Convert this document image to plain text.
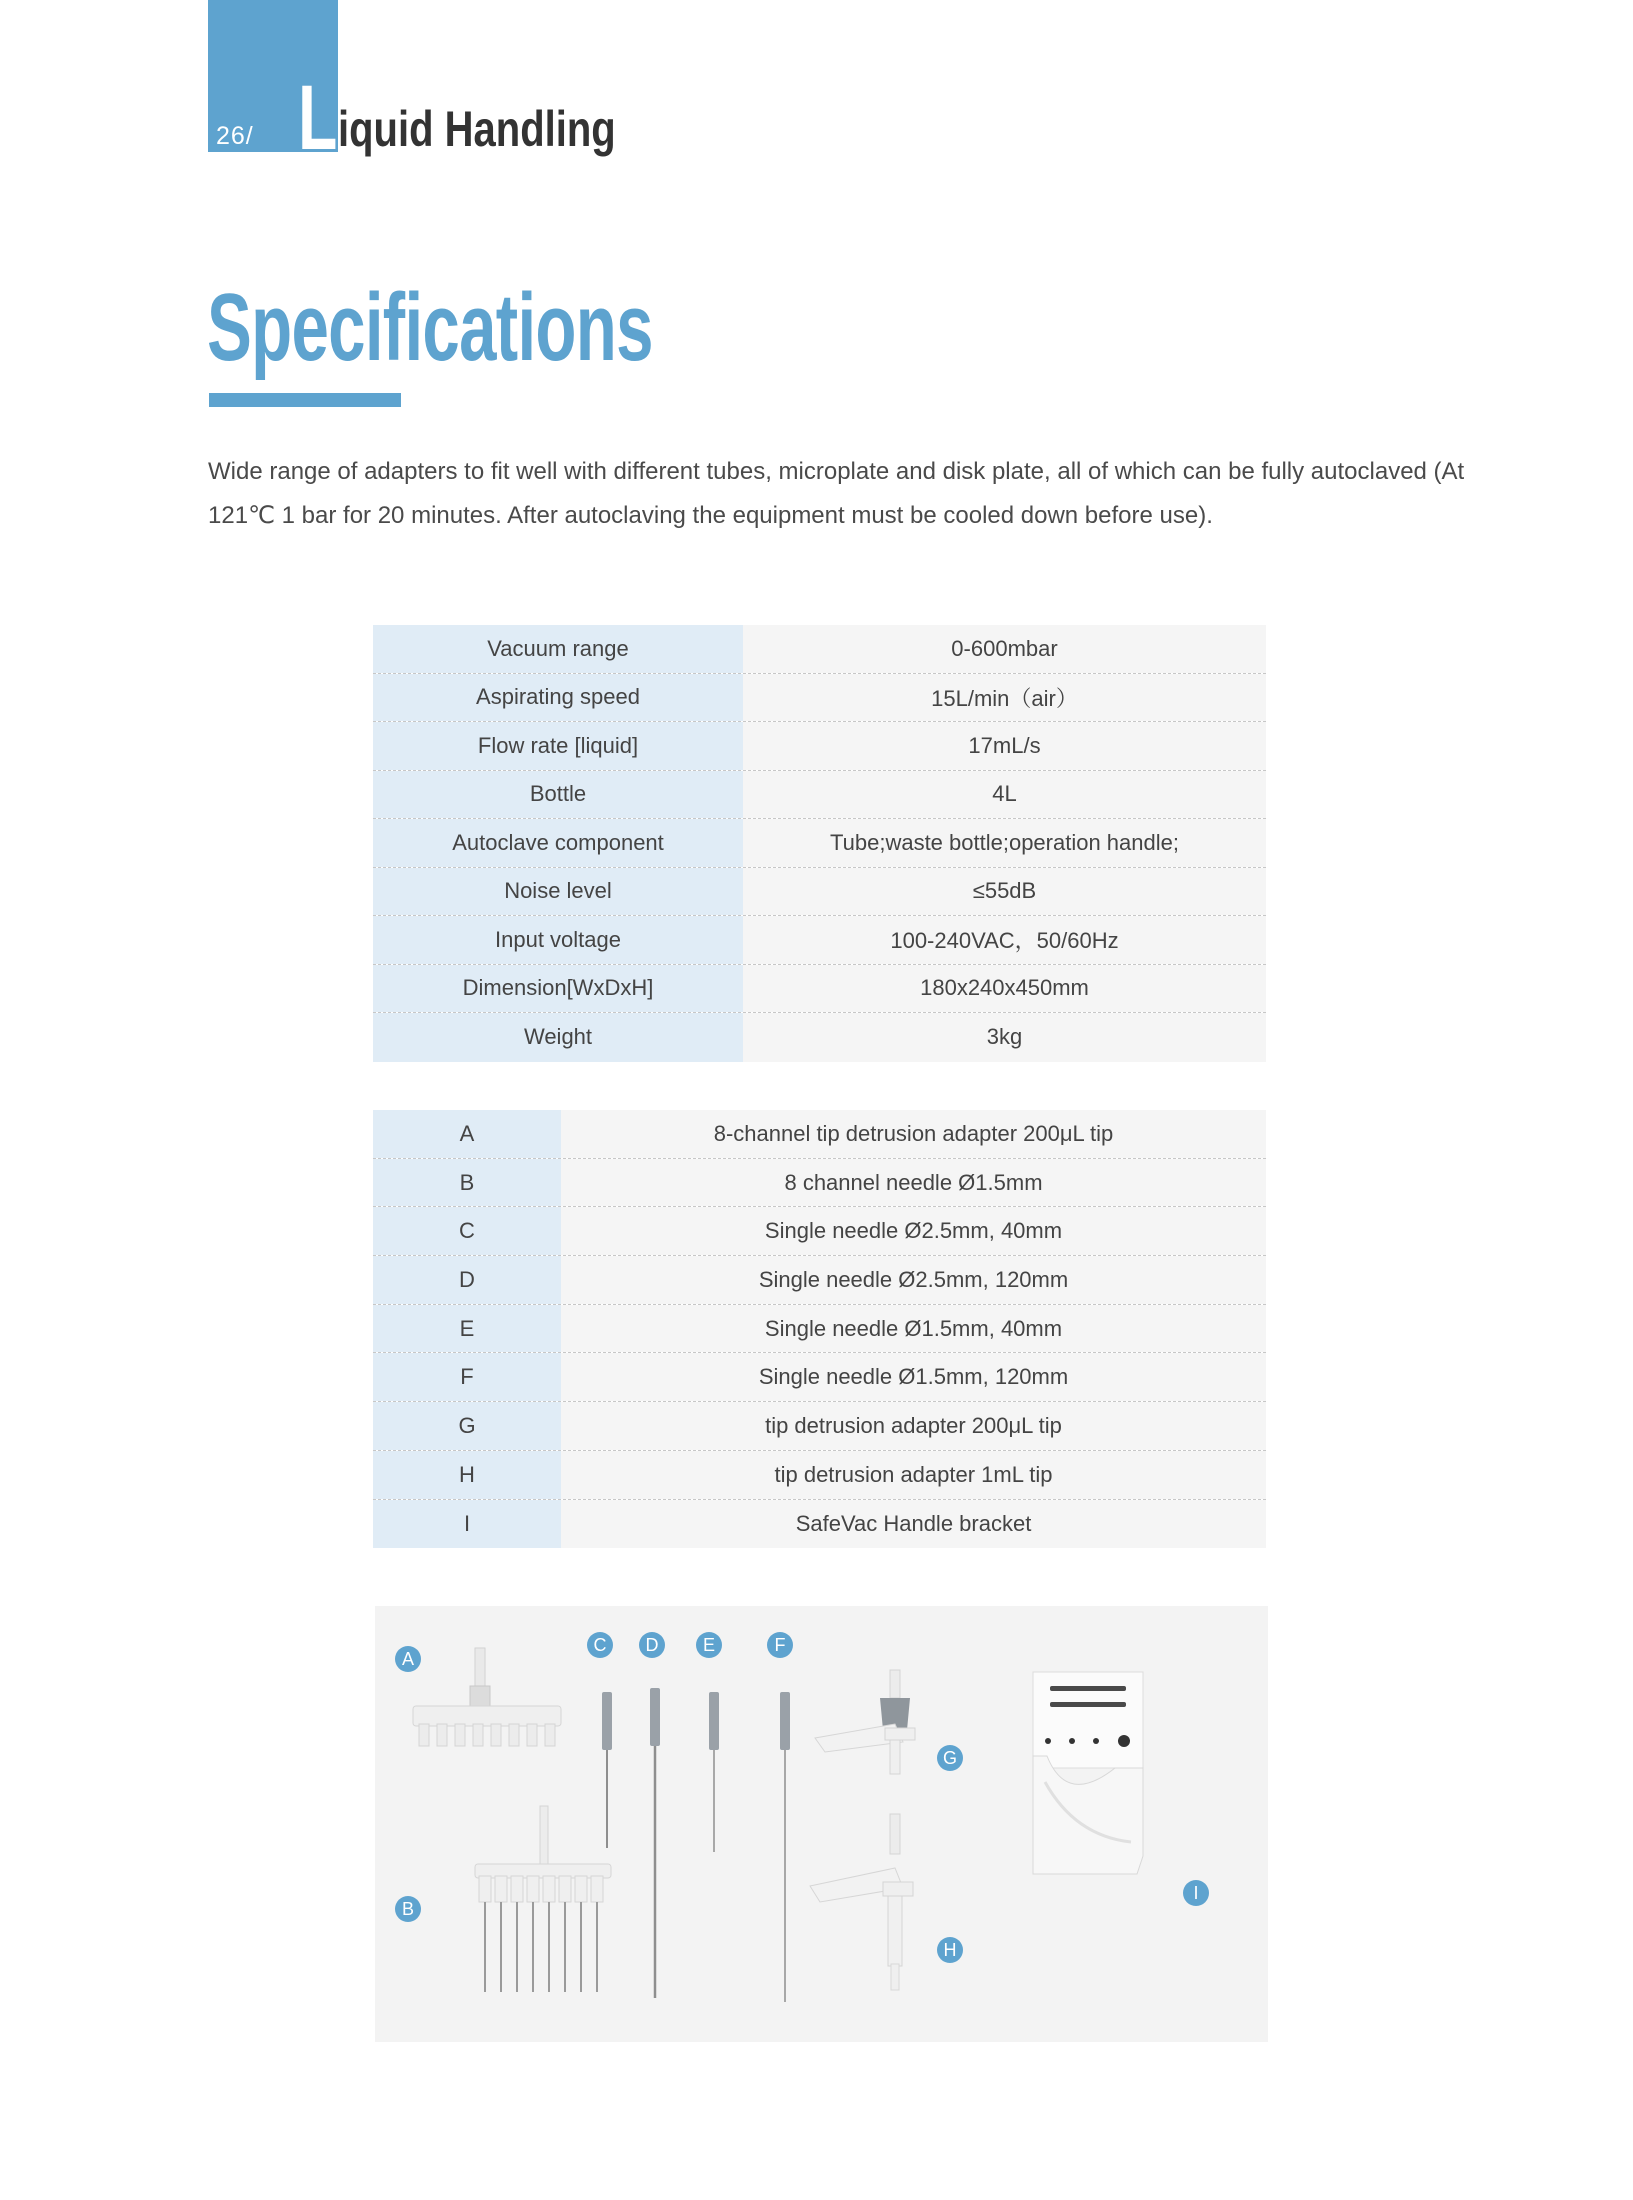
26/ L iquid Handling
Specifications
Wide range of adapters to fit well with different tubes, microplate and disk plate, all of which can be fully autoclaved (At 121℃ 1 bar for 20 minutes. After autoclaving the equipment must be cooled down before use).
Vacuum range	0-600mbar
Aspirating speed	15L/min（air）
Flow rate [liquid]	17mL/s
Bottle	4L
Autoclave component	Tube;waste bottle;operation handle;
Noise level	≤55dB
Input voltage	100-240VAC，50/60Hz
Dimension[WxDxH]	180x240x450mm
Weight	3kg
A	8-channel tip detrusion adapter 200μL tip
B	8 channel needle Ø1.5mm
C	Single needle Ø2.5mm, 40mm
D	Single needle Ø2.5mm, 120mm
E	Single needle Ø1.5mm, 40mm
F	Single needle Ø1.5mm, 120mm
G	tip detrusion adapter 200μL tip
H	tip detrusion adapter 1mL tip
I	SafeVac Handle bracket
A
B
C	D	E	F
G
H
I
